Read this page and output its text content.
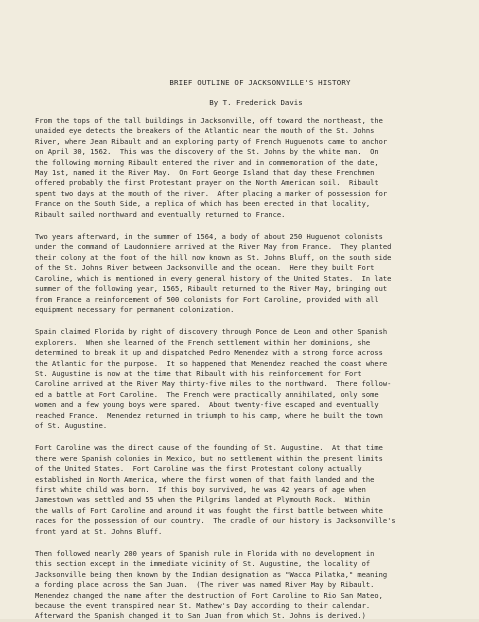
BRIEF OUTLINE OF JACKSONVILLE'S HISTORY
By T. Frederick Davis
From the tops of the tall buildings in Jacksonville, off toward the northeast, the
unaided eye detects the breakers of the Atlantic near the mouth of the St. Johns
River, where Jean Ribault and an exploring party of French Huguenots came to anchor
on April 30, 1562.  This was the discovery of the St. Johns by the white man.  On
the following morning Ribault entered the river and in commemoration of the date,
May 1st, named it the River May.  On Fort George Island that day these Frenchmen
offered probably the first Protestant prayer on the North American soil.  Ribault
spent two days at the mouth of the river.  After placing a marker of possession for
France on the South Side, a replica of which has been erected in that locality,
Ribault sailed northward and eventually returned to France.
Two years afterward, in the summer of 1564, a body of about 250 Huguenot colonists
under the command of Laudonniere arrived at the River May from France.  They planted
their colony at the foot of the hill now known as St. Johns Bluff, on the south side
of the St. Johns River between Jacksonville and the ocean.  Here they built Fort
Caroline, which is mentioned in every general history of the United States.  In late
summer of the following year, 1565, Ribault returned to the River May, bringing out
from France a reinforcement of 500 colonists for Fort Caroline, provided with all
equipment necessary for permanent colonization.
Spain claimed Florida by right of discovery through Ponce de Leon and other Spanish
explorers.  When she learned of the French settlement within her dominions, she
determined to break it up and dispatched Pedro Menendez with a strong force across
the Atlantic for the purpose.  It so happened that Menendez reached the coast where
St. Augustine is now at the time that Ribault with his reinforcement for Fort
Caroline arrived at the River May thirty-five miles to the northward.  There follow-
ed a battle at Fort Caroline.  The French were practically annihilated, only some
women and a few young boys were spared.  About twenty-five escaped and eventually
reached France.  Menendez returned in triumph to his camp, where he built the town
of St. Augustine.
Fort Caroline was the direct cause of the founding of St. Augustine.  At that time
there were Spanish colonies in Mexico, but no settlement within the present limits
of the United States.  Fort Caroline was the first Protestant colony actually
established in North America, where the first women of that faith landed and the
first white child was born.  If this boy survived, he was 42 years of age when
Jamestown was settled and 55 when the Pilgrims landed at Plymouth Rock.  Within
the walls of Fort Caroline and around it was fought the first battle between white
races for the possession of our country.  The cradle of our history is Jacksonville's
front yard at St. Johns Bluff.
Then followed nearly 200 years of Spanish rule in Florida with no development in
this section except in the immediate vicinity of St. Augustine, the locality of
Jacksonville being then known by the Indian designation as "Wacca Pilatka," meaning
a fording place across the San Juan.  (The river was named River May by Ribault.
Menendez changed the name after the destruction of Fort Caroline to Rio San Mateo,
because the event transpired near St. Mathew's Day according to their calendar.
Afterward the Spanish changed it to San Juan from which St. Johns is derived.)
